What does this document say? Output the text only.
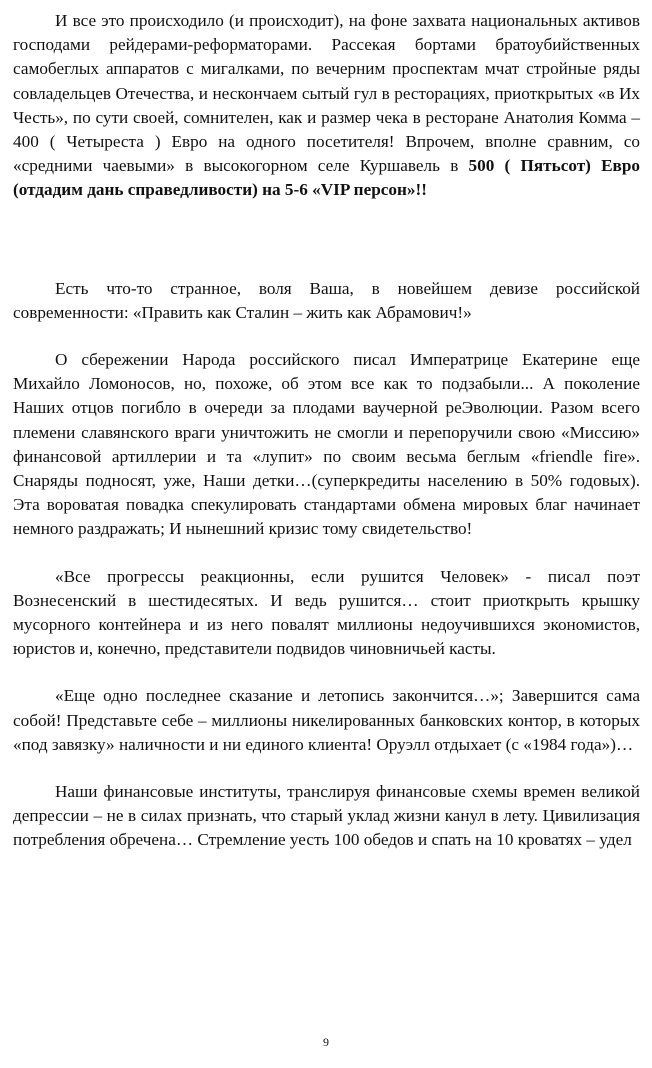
И все это происходило (и происходит), на фоне захвата национальных активов господами рейдерами-реформаторами. Рассекая бортами братоубийственных самобеглых аппаратов с мигалками, по вечерним проспектам мчат стройные ряды совладельцев Отечества, и нескончаем сытый гул в ресторациях, приоткрытых «в Их Честь», по сути своей, сомнителен, как и размер чека в ресторане Анатолия Комма – 400 ( Четыреста ) Евро на одного посетителя! Впрочем, вполне сравним, со «средними чаевыми» в высокогорном селе Куршавель в 500 ( Пятьсот) Евро (отдадим дань справедливости) на 5-6 «VIP персон»!!

Есть что-то странное, воля Ваша, в новейшем девизе российской современности: «Править как Сталин – жить как Абрамович!»

О сбережении Народа российского писал Императрице Екатерине еще Михайло Ломоносов, но, похоже, об этом все как то подзабыли... А поколение Наших отцов погибло в очереди за плодами ваучерной реЭволюции. Разом всего племени славянского враги уничтожить не смогли и перепоручили свою «Миссию» финансовой артиллерии и та «лупит» по своим весьма беглым «friendle fire». Снаряды подносят, уже, Наши детки…(суперкредиты населению в 50% годовых). Эта вороватая повадка спекулировать стандартами обмена мировых благ начинает немного раздражать; И нынешний кризис тому свидетельство!

«Все прогрессы реакционны, если рушится Человек» - писал поэт Вознесенский в шестидесятых. И ведь рушится… стоит приоткрыть крышку мусорного контейнера и из него повалят миллионы недоучившихся экономистов, юристов и, конечно, представители подвидов чиновничьей касты.

«Еще одно последнее сказание и летопись закончится…»; Завершится сама собой! Представьте себе – миллионы никелированных банковских контор, в которых «под завязку» наличности и ни единого клиента! Оруэлл отдыхает (с «1984 года»)…

Наши финансовые институты, транслируя финансовые схемы времен великой депрессии – не в силах признать, что старый уклад жизни канул в лету. Цивилизация потребления обречена… Стремление уесть 100 обедов и спать на 10 кроватях – удел

9
